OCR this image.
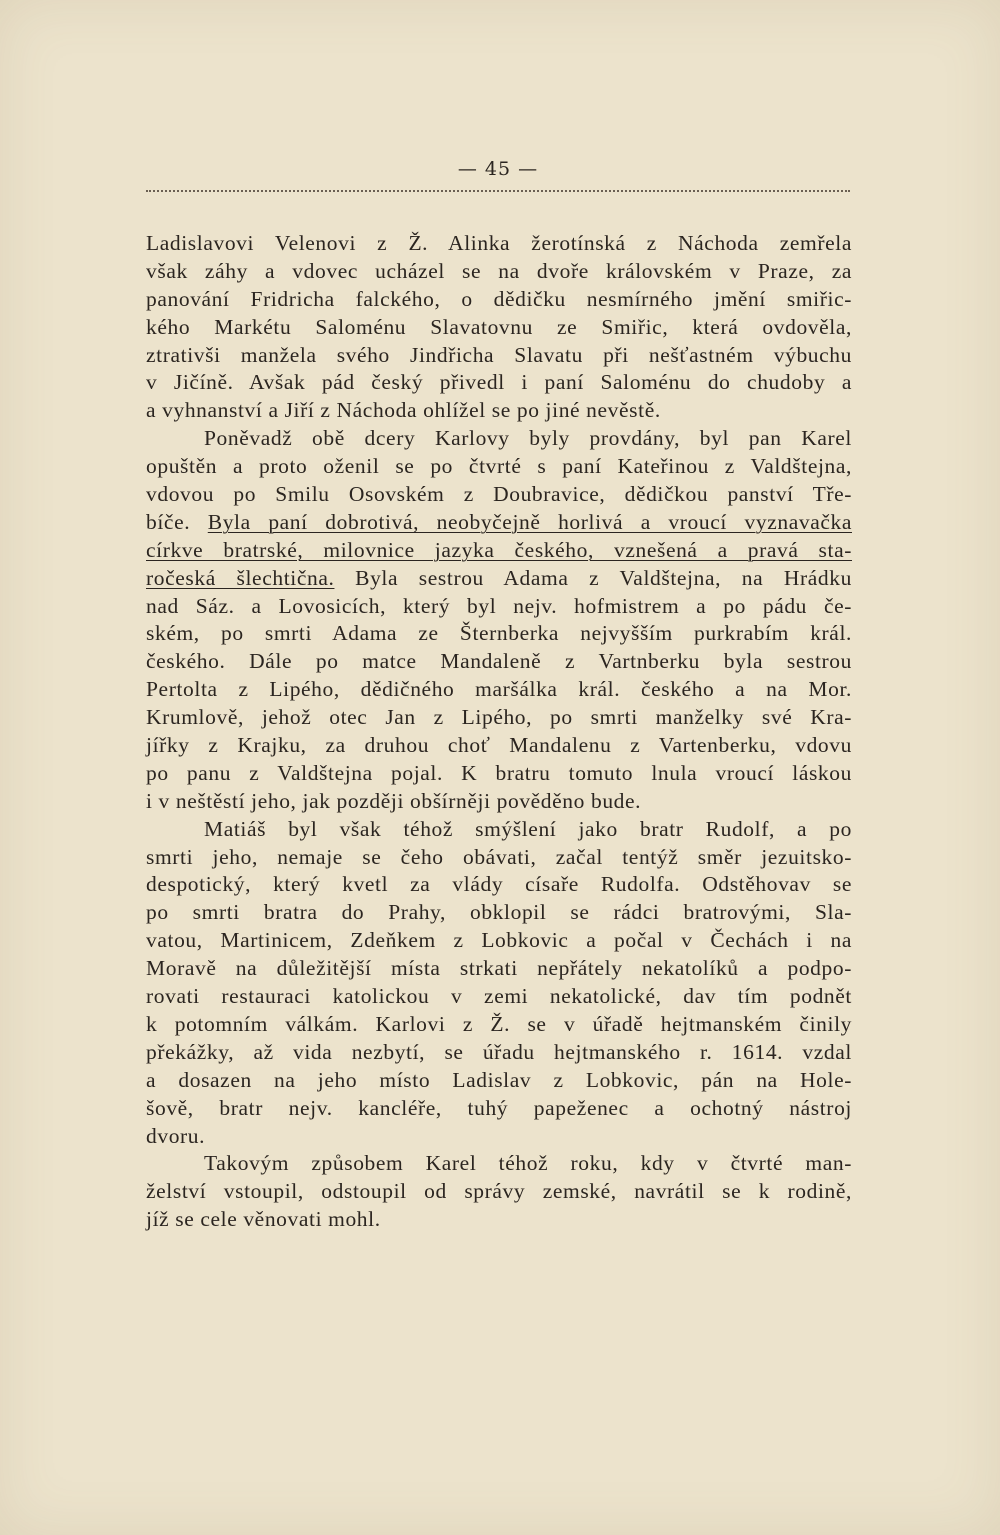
— 45 —
Ladislavovi Velenovi z Ž. Alinka žerotínská z Náchoda zemřela
však záhy a vdovec ucházel se na dvoře královském v Praze, za
panování Fridricha falckého, o dědičku nesmírného jmění smiřic-
kého Markétu Saloménu Slavatovnu ze Smiřic, která ovdověla,
ztrativši manžela svého Jindřicha Slavatu při nešťastném výbuchu
v Jičíně. Avšak pád český přivedl i paní Saloménu do chudoby a
a vyhnanství a Jiří z Náchoda ohlížel se po jiné nevěstě.
Poněvadž obě dcery Karlovy byly provdány, byl pan Karel
opuštěn a proto oženil se po čtvrté s paní Kateřinou z Valdštejna,
vdovou po Smilu Osovském z Doubravice, dědičkou panství Tře-
bíče. Byla paní dobrotivá, neobyčejně horlivá a vroucí vyznavačka
církve bratrské, milovnice jazyka českého, vznešená a pravá sta-
ročeská šlechtična. Byla sestrou Adama z Valdštejna, na Hrádku
nad Sáz. a Lovosicích, který byl nejv. hofmistrem a po pádu če-
ském, po smrti Adama ze Šternberka nejvyšším purkrabím král.
českého. Dále po matce Mandaleně z Vartnberku byla sestrou
Pertolta z Lipého, dědičného maršálka král. českého a na Mor.
Krumlově, jehož otec Jan z Lipého, po smrti manželky své Kra-
jířky z Krajku, za druhou choť Mandalenu z Vartenberku, vdovu
po panu z Valdštejna pojal. K bratru tomuto lnula vroucí láskou
i v neštěstí jeho, jak později obšírněji pověděno bude.
Matiáš byl však téhož smýšlení jako bratr Rudolf, a po
smrti jeho, nemaje se čeho obávati, začal tentýž směr jezuitsko-
despotický, který kvetl za vlády císaře Rudolfa. Odstěhovav se
po smrti bratra do Prahy, obklopil se rádci bratrovými, Sla-
vatou, Martinicem, Zdeňkem z Lobkovic a počal v Čechách i na
Moravě na důležitější místa strkati nepřátely nekatolíků a podpo-
rovati restauraci katolickou v zemi nekatolické, dav tím podnět
k potomním válkám. Karlovi z Ž. se v úřadě hejtmanském činily
překážky, až vida nezbytí, se úřadu hejtmanského r. 1614. vzdal
a dosazen na jeho místo Ladislav z Lobkovic, pán na Hole-
šově, bratr nejv. kancléře, tuhý papeženec a ochotný nástroj
dvoru.
Takovým způsobem Karel téhož roku, kdy v čtvrté man-
želství vstoupil, odstoupil od správy zemské, navrátil se k rodině,
jíž se cele věnovati mohl.
